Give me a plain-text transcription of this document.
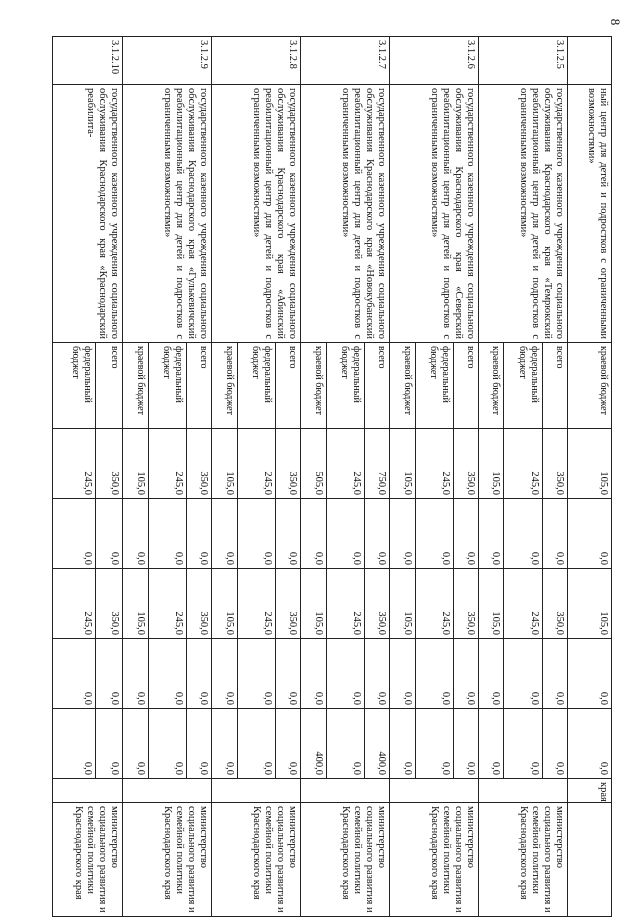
8
	ный центр для детей и подростков с ограниченными возможностями»	краевой бюджет	105,0	0,0	105,0	0,0	0,0	края	
3.1.2.5	государственного казенного учреждения социального обслуживания Краснодарского края «Темрюкский реабилитационный центр для детей и подростков с ограниченными возможностями»	всего	350,0	0,0	350,0	0,0	0,0		министерство социального развития и семейной политики Краснодарского края
		федеральный бюджет	245,0	0,0	245,0	0,0	0,0		
		краевой бюджет	105,0	0,0	105,0	0,0	0,0		
3.1.2.6	государственного казенного учреждения социального обслуживания Краснодарского края «Северский реабилитационный центр для детей и подростков с ограниченными возможностями»	всего	350,0	0,0	350,0	0,0	0,0		министерство социального развития и семейной политики Краснодарского края
		федеральный бюджет	245,0	0,0	245,0	0,0	0,0		
		краевой бюджет	105,0	0,0	105,0	0,0	0,0		
3.1.2.7	государственного казенного учреждения социального обслуживания Краснодарского края «Новокубанский реабилитационный центр для детей и подростков с ограниченными возможностями»	всего	750,0	0,0	350,0	0,0	400,0		министерство социального развития и семейной политики Краснодарского края
		федеральный бюджет	245,0	0,0	245,0	0,0	0,0		
		краевой бюджет	505,0	0,0	105,0	0,0	400,0		
3.1.2.8	государственного казенного учреждения социального обслуживания Краснодарского края «Абинский реабилитационный центр для детей и подростков с ограниченными возможностями»	всего	350,0	0,0	350,0	0,0	0,0		министерство социального развития и семейной политики Краснодарского края
		федеральный бюджет	245,0	0,0	245,0	0,0	0,0		
		краевой бюджет	105,0	0,0	105,0	0,0	0,0		
3.1.2.9	государственного казенного учреждения социального обслуживания Краснодарского края «Гулькевичский реабилитационный центр для детей и подростков с ограниченными возможностями»	всего	350,0	0,0	350,0	0,0	0,0		министерство социального развития и семейной политики Краснодарского края
		федеральный бюджет	245,0	0,0	245,0	0,0	0,0		
		краевой бюджет	105,0	0,0	105,0	0,0	0,0		
3.1.2.10	государственного казенного учреждения социального обслуживания Краснодарского края «Краснодарский реабилита-	всего	350,0	0,0	350,0	0,0	0,0		министерство социального развития и семейной политики Краснодарского края
		федеральный бюджет	245,0	0,0	245,0	0,0	0,0		
